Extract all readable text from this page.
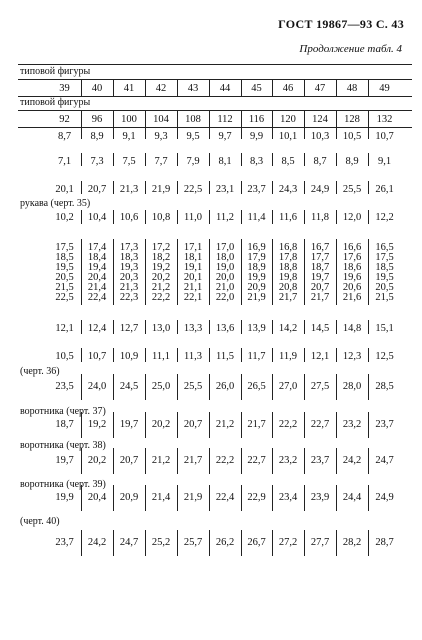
ГОСТ 19867—93 С. 43
Продолжение табл. 4
типовой фигуры
39	40	41	42	43	44	45	46	47	48	49
типовой фигуры
92	96	100	104	108	112	116	120	124	128	132
8,7	8,9	9,1	9,3	9,5	9,7	9,9	10,1	10,3	10,5	10,7
7,1	7,3	7,5	7,7	7,9	8,1	8,3	8,5	8,7	8,9	9,1
20,1	20,7	21,3	21,9	22,5	23,1	23,7	24,3	24,9	25,5	26,1
рукава (черт. 35)
10,2	10,4	10,6	10,8	11,0	11,2	11,4	11,6	11,8	12,0	12,2
17,5	17,4	17,3	17,2	17,1	17,0	16,9	16,8	16,7	16,6	16,5
18,5	18,4	18,3	18,2	18,1	18,0	17,9	17,8	17,7	17,6	17,5
19,5	19,4	19,3	19,2	19,1	19,0	18,9	18,8	18,7	18,6	18,5
20,5	20,4	20,3	20,2	20,1	20,0	19,9	19,8	19,7	19,6	19,5
21,5	21,4	21,3	21,2	21,1	21,0	20,9	20,8	20,7	20,6	20,5
22,5	22,4	22,3	22,2	22,1	22,0	21,9	21,7	21,7	21,6	21,5
12,1	12,4	12,7	13,0	13,3	13,6	13,9	14,2	14,5	14,8	15,1
10,5	10,7	10,9	11,1	11,3	11,5	11,7	11,9	12,1	12,3	12,5
(черт. 36)
23,5	24,0	24,5	25,0	25,5	26,0	26,5	27,0	27,5	28,0	28,5
воротника (черт. 37)
18,7	19,2	19,7	20,2	20,7	21,2	21,7	22,2	22,7	23,2	23,7
воротника (черт. 38)
19,7	20,2	20,7	21,2	21,7	22,2	22,7	23,2	23,7	24,2	24,7
воротника (черт. 39)
19,9	20,4	20,9	21,4	21,9	22,4	22,9	23,4	23,9	24,4	24,9
(черт. 40)
23,7	24,2	24,7	25,2	25,7	26,2	26,7	27,2	27,7	28,2	28,7
